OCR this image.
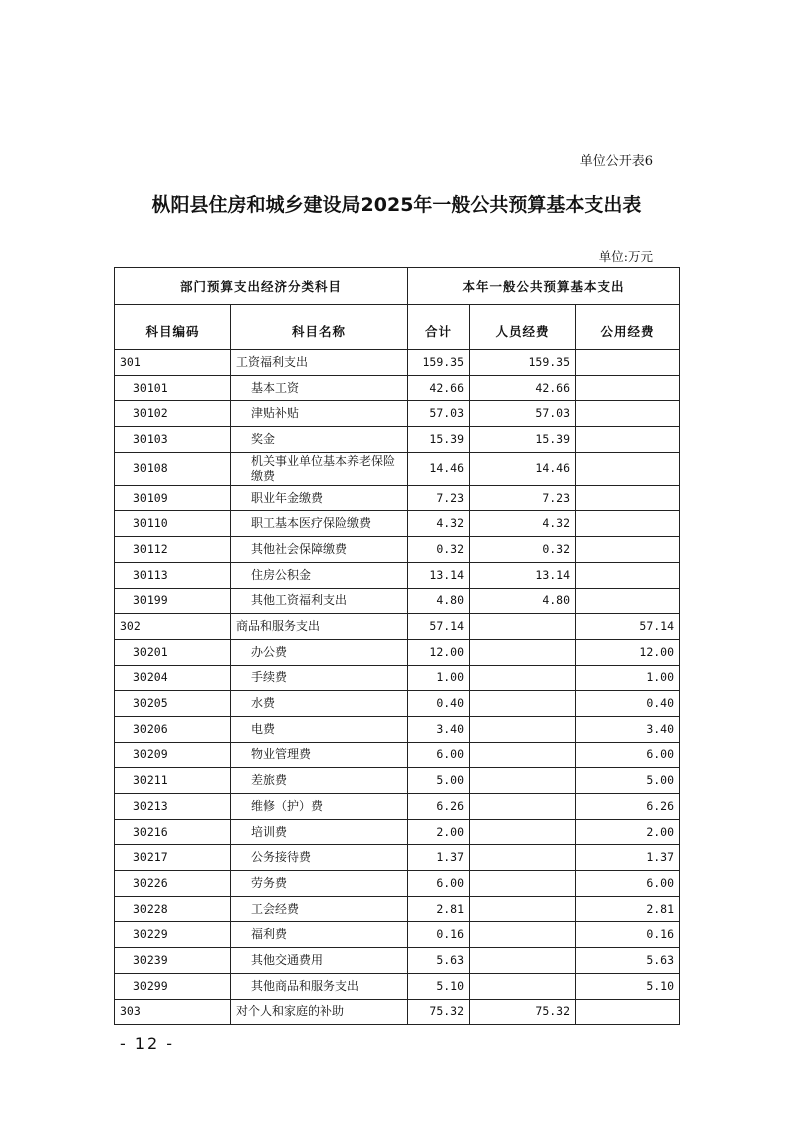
单位公开表6
枞阳县住房和城乡建设局2025年一般公共预算基本支出表
单位:万元
部门预算支出经济分类科目		本年一般公共预算基本支出		
科目编码	科目名称	合计	人员经费	公用经费
301	工资福利支出	159.35	159.35	
30101	基本工资	42.66	42.66	
30102	津贴补贴	57.03	57.03	
30103	奖金	15.39	15.39	
30108	机关事业单位基本养老保险缴费	14.46	14.46	
30109	职业年金缴费	7.23	7.23	
30110	职工基本医疗保险缴费	4.32	4.32	
30112	其他社会保障缴费	0.32	0.32	
30113	住房公积金	13.14	13.14	
30199	其他工资福利支出	4.80	4.80	
302	商品和服务支出	57.14		57.14
30201	办公费	12.00		12.00
30204	手续费	1.00		1.00
30205	水费	0.40		0.40
30206	电费	3.40		3.40
30209	物业管理费	6.00		6.00
30211	差旅费	5.00		5.00
30213	维修（护）费	6.26		6.26
30216	培训费	2.00		2.00
30217	公务接待费	1.37		1.37
30226	劳务费	6.00		6.00
30228	工会经费	2.81		2.81
30229	福利费	0.16		0.16
30239	其他交通费用	5.63		5.63
30299	其他商品和服务支出	5.10		5.10
303	对个人和家庭的补助	75.32	75.32	
- 12 -
